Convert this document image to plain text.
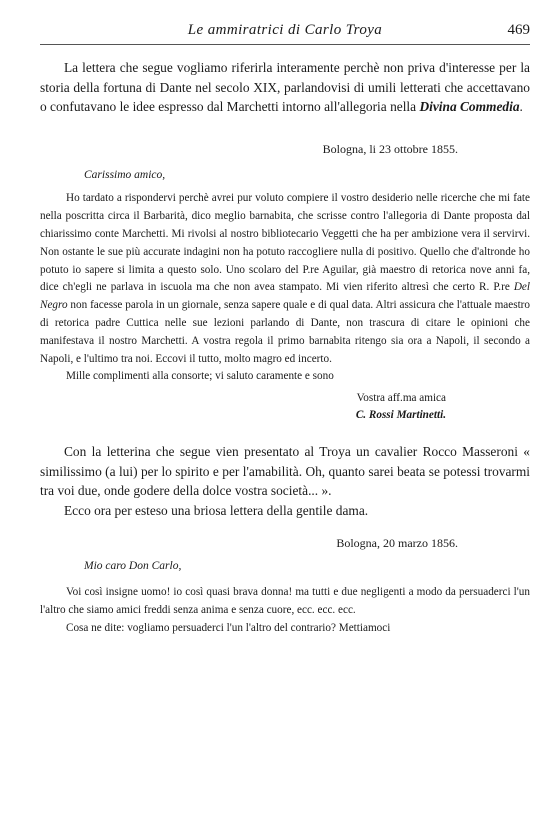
Le ammiratrici di Carlo Troya	469

La lettera che segue vogliamo riferirla interamente perchè non priva d'interesse per la storia della fortuna di Dante nel secolo XIX, parlandovisi di umili letterati che accettavano o confutavano le idee espresso dal Marchetti intorno all'allegoria nella Divina Commedia.

Bologna, li 23 ottobre 1855.

Carissimo amico,

Ho tardato a rispondervi perchè avrei pur voluto compiere il vostro desiderio nelle ricerche che mi fate nella poscritta circa il Barbarità, dico meglio barnabita, che scrisse contro l'allegoria di Dante proposta dal chiarissimo conte Marchetti. Mi rivolsi al nostro bibliotecario Veggetti che ha per ambizione vera il servirvi. Non ostante le sue più accurate indagini non ha potuto raccogliere nulla di positivo. Quello che d'altronde ho potuto io sapere si limita a questo solo. Uno scolaro del P.re Aguilar, già maestro di retorica nove anni fa, dice ch'egli ne parlava in iscuola ma che non avea stampato. Mi vien riferito altresì che certo R. P.re Del Negro non facesse parola in un giornale, senza sapere quale e di qual data. Altri assicura che l'attuale maestro di retorica padre Cuttica nelle sue lezioni parlando di Dante, non trascura di citare le opinioni che manifestava il nostro Marchetti. A vostra regola il primo barnabita ritengo sia ora a Napoli, il secondo a Napoli, e l'ultimo tra noi. Eccovi il tutto, molto magro ed incerto.

Mille complimenti alla consorte; vi saluto caramente e sono

Vostra aff.ma amica

C. Rossi Martinetti.

Con la letterina che segue vien presentato al Troya un cavalier Rocco Masseroni « similissimo (a lui) per lo spirito e per l'amabilità. Oh, quanto sarei beata se potessi trovarmi tra voi due, onde godere della dolce vostra società... ».

Ecco ora per esteso una briosa lettera della gentile dama.

Bologna, 20 marzo 1856.

Mio caro Don Carlo,

Voi così insigne uomo! io così quasi brava donna! ma tutti e due negligenti a modo da persuaderci l'un l'altro che siamo amici freddi senza anima e senza cuore, ecc. ecc. ecc.

Cosa ne dite: vogliamo persuaderci l'un l'altro del contrario? Mettiamoci
